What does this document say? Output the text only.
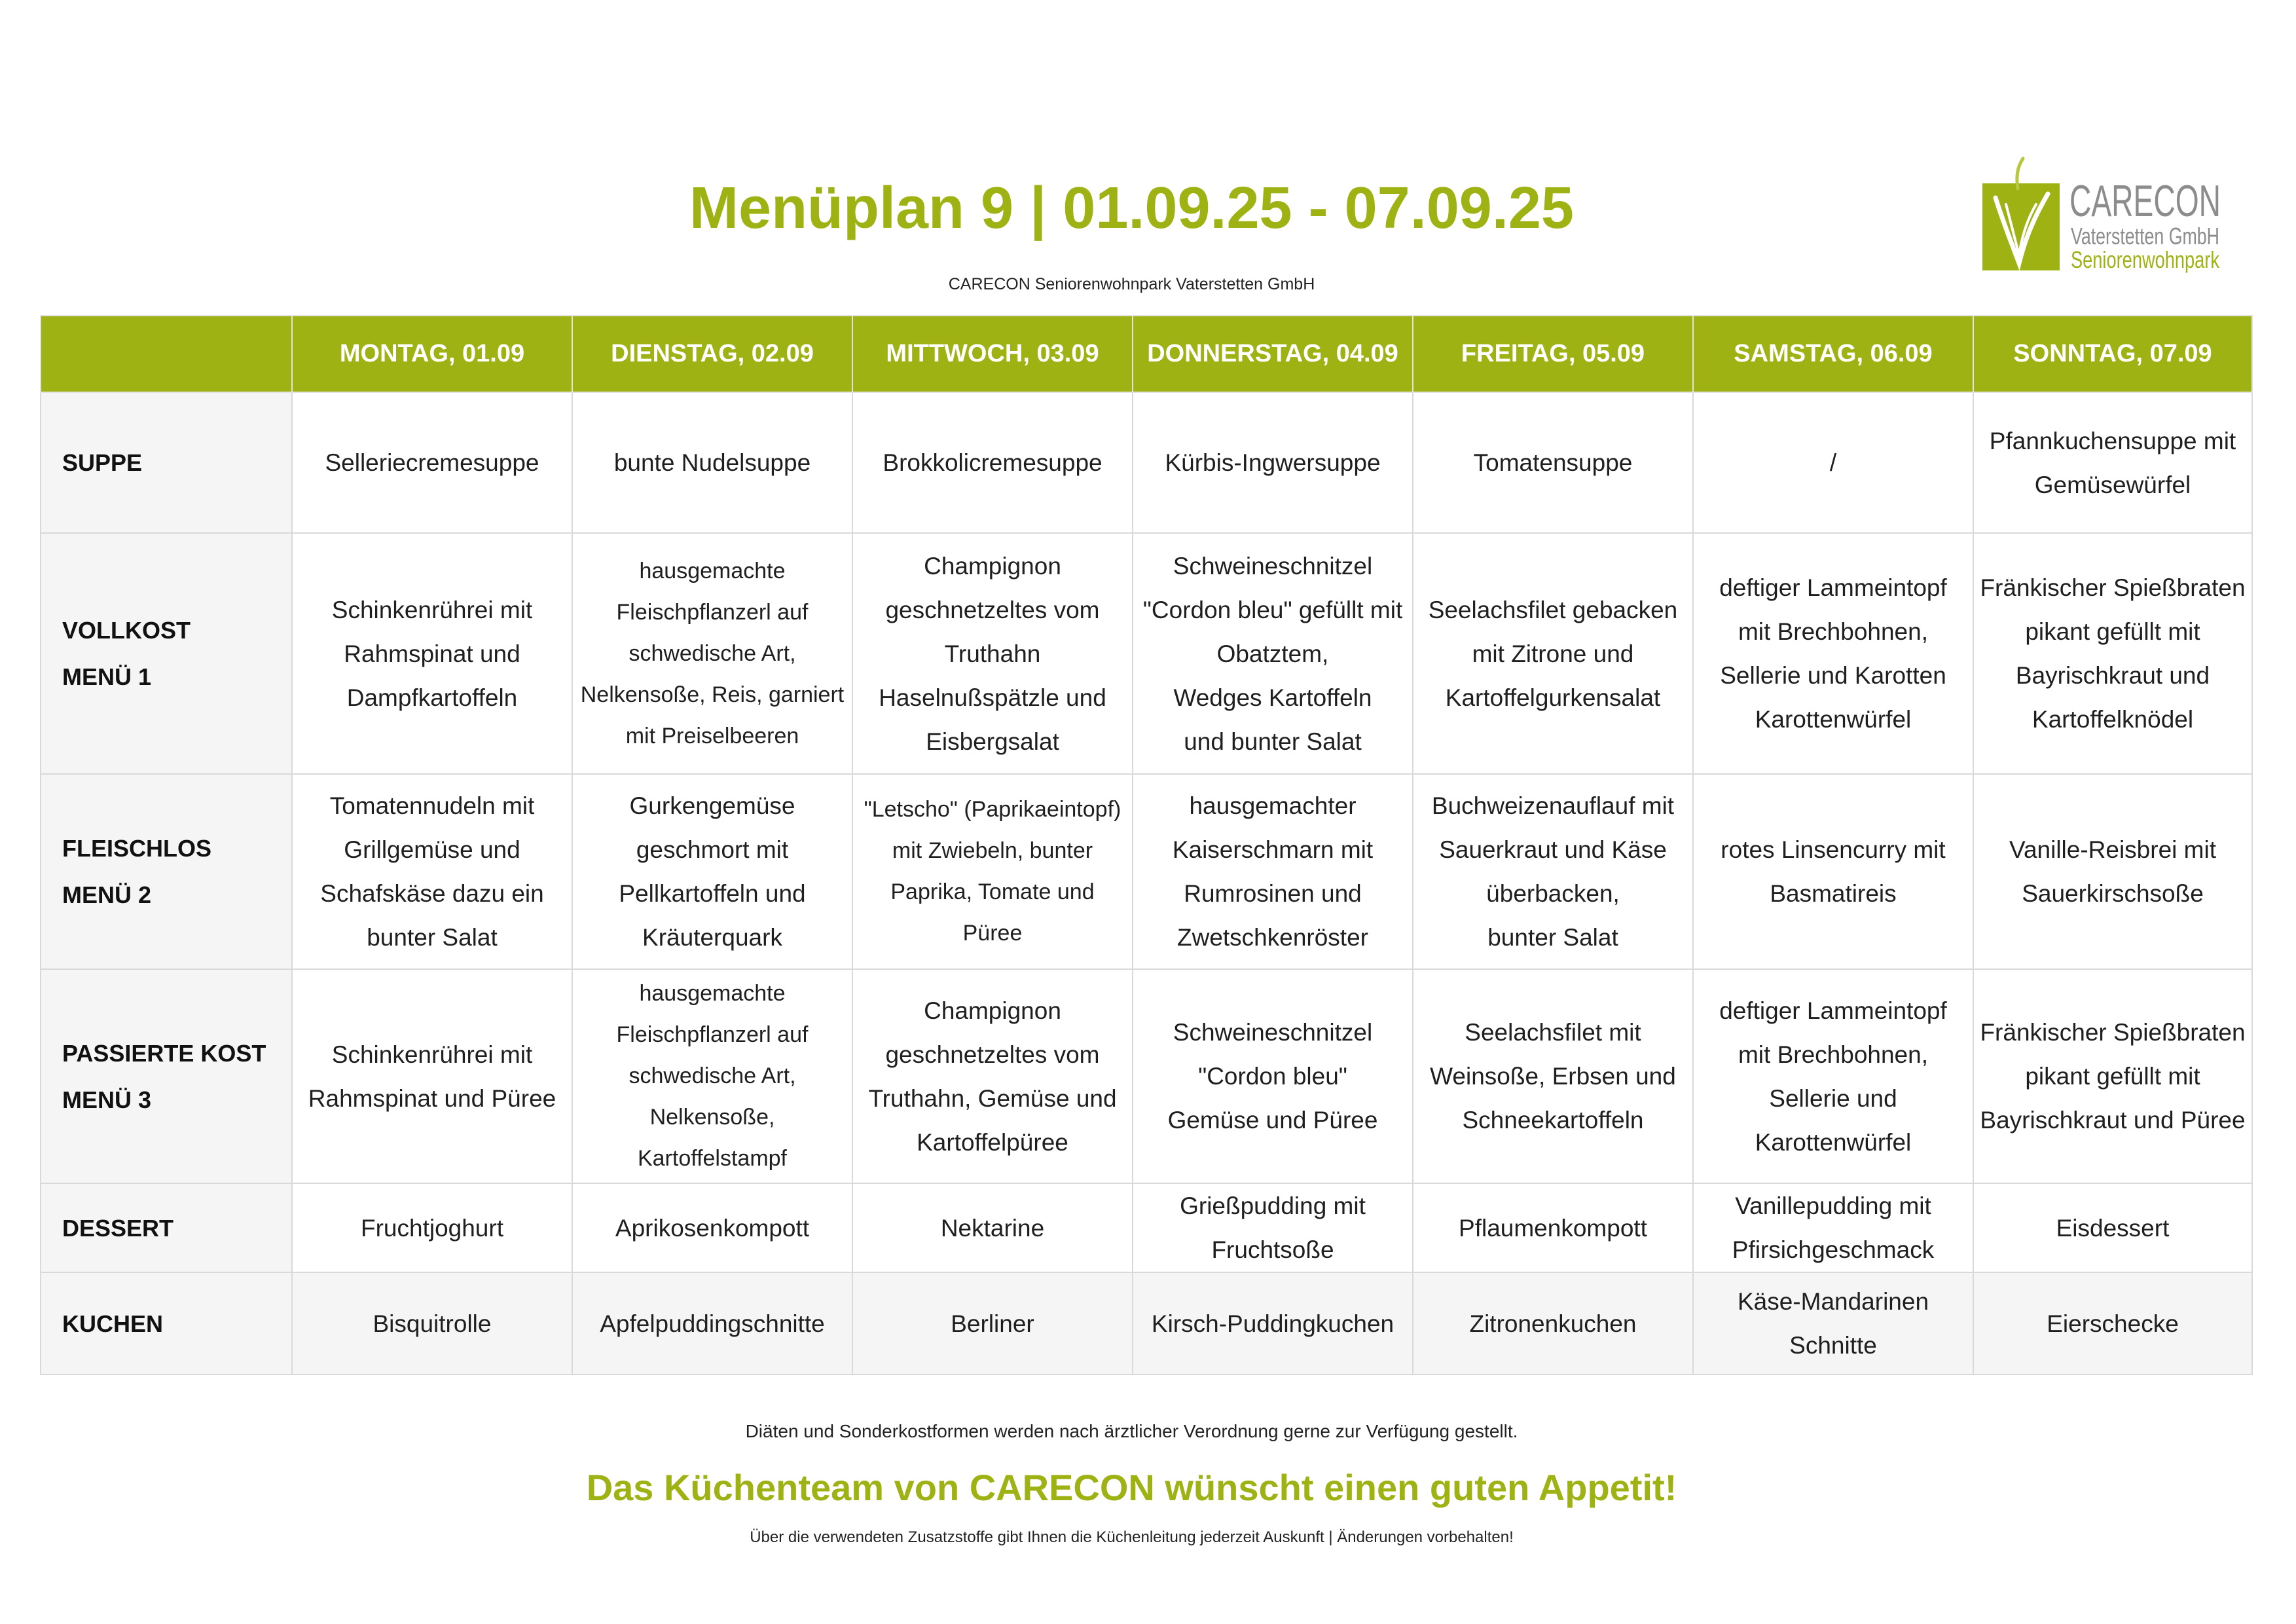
Menüplan 9 | 01.09.25 - 07.09.25
CARECON Seniorenwohnpark Vaterstetten GmbH
CARECON
Vaterstetten GmbH
Seniorenwohnpark
	MONTAG, 01.09	DIENSTAG, 02.09	MITTWOCH, 03.09	DONNERSTAG, 04.09	FREITAG, 05.09	SAMSTAG, 06.09	SONNTAG, 07.09
SUPPE	Selleriecremesuppe	bunte Nudelsuppe	Brokkolicremesuppe	Kürbis-Ingwersuppe	Tomatensuppe	/	Pfannkuchensuppe mit
Gemüsewürfel
VOLLKOST
MENÜ 1	Schinkenrührei mit
Rahmspinat und
Dampfkartoffeln	hausgemachte
Fleischpflanzerl auf
schwedische Art,
Nelkensoße, Reis, garniert
mit Preiselbeeren	Champignon
geschnetzeltes vom
Truthahn
Haselnußspätzle und
Eisbergsalat	Schweineschnitzel
"Cordon bleu" gefüllt mit
Obatztem,
Wedges Kartoffeln
und bunter Salat	Seelachsfilet gebacken
mit Zitrone und
Kartoffelgurkensalat	deftiger Lammeintopf
mit Brechbohnen,
Sellerie und Karotten
Karottenwürfel	Fränkischer Spießbraten
pikant gefüllt mit
Bayrischkraut und
Kartoffelknödel
FLEISCHLOS
MENÜ 2	Tomatennudeln mit
Grillgemüse und
Schafskäse dazu ein
bunter Salat	Gurkengemüse
geschmort mit
Pellkartoffeln und
Kräuterquark	"Letscho" (Paprikaeintopf)
mit Zwiebeln, bunter
Paprika, Tomate und
Püree	hausgemachter
Kaiserschmarn mit
Rumrosinen und
Zwetschkenröster	Buchweizenauflauf mit
Sauerkraut und Käse
überbacken,
bunter Salat	rotes Linsencurry mit
Basmatireis	Vanille-Reisbrei mit
Sauerkirschsoße
PASSIERTE KOST
MENÜ 3	Schinkenrührei mit
Rahmspinat und Püree	hausgemachte
Fleischpflanzerl auf
schwedische Art,
Nelkensoße,
Kartoffelstampf	Champignon
geschnetzeltes vom
Truthahn, Gemüse und
Kartoffelpüree	Schweineschnitzel
"Cordon bleu"
Gemüse und Püree	Seelachsfilet mit
Weinsoße, Erbsen und
Schneekartoffeln	deftiger Lammeintopf
mit Brechbohnen,
Sellerie und
Karottenwürfel	Fränkischer Spießbraten
pikant gefüllt mit
Bayrischkraut und Püree
DESSERT	Fruchtjoghurt	Aprikosenkompott	Nektarine	Grießpudding mit
Fruchtsoße	Pflaumenkompott	Vanillepudding mit
Pfirsichgeschmack	Eisdessert
KUCHEN	Bisquitrolle	Apfelpuddingschnitte	Berliner	Kirsch-Puddingkuchen	Zitronenkuchen	Käse-Mandarinen
Schnitte	Eierschecke
Diäten und Sonderkostformen werden nach ärztlicher Verordnung gerne zur Verfügung gestellt.
Das Küchenteam von CARECON wünscht einen guten Appetit!
Über die verwendeten Zusatzstoffe gibt Ihnen die Küchenleitung jederzeit Auskunft | Änderungen vorbehalten!
